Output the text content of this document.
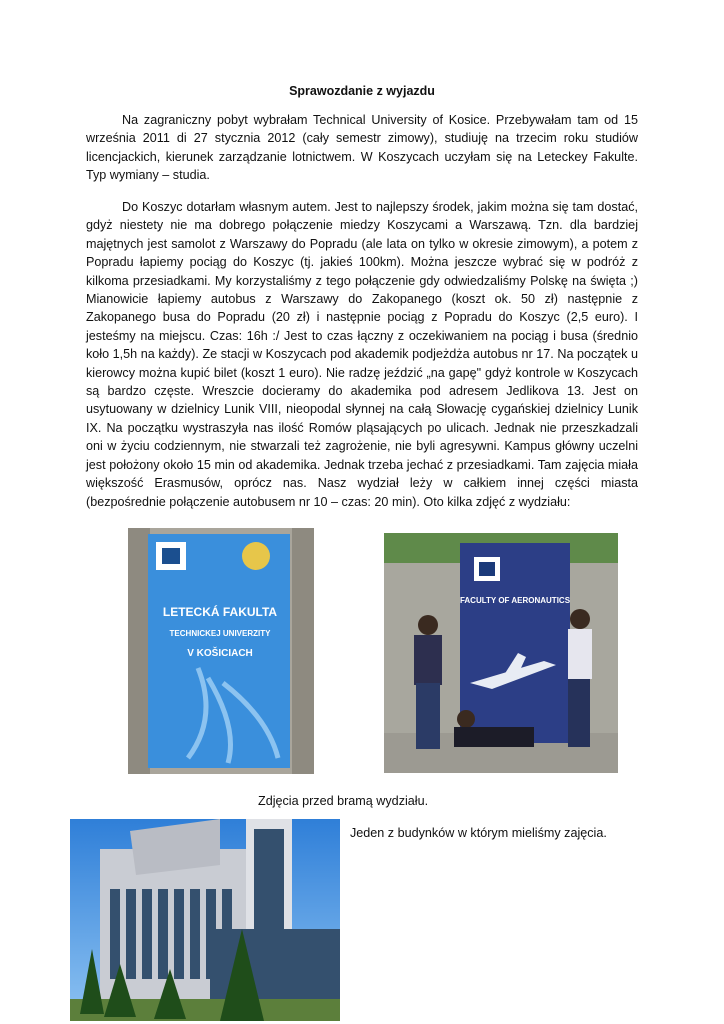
Sprawozdanie z wyjazdu

Na zagraniczny pobyt wybrałam Technical University of Kosice. Przebywałam tam od 15 września 2011 di 27 stycznia 2012 (cały semestr zimowy), studiuję na trzecim roku studiów licencjackich, kierunek zarządzanie lotnictwem. W Koszycach uczyłam się na Leteckey Fakulte. Typ wymiany – studia.

Do Koszyc dotarłam własnym autem. Jest to najlepszy środek, jakim można się tam dostać, gdyż niestety nie ma dobrego połączenie miedzy Koszycami a Warszawą. Tzn. dla bardziej majętnych jest samolot z Warszawy do Popradu (ale lata on tylko w okresie zimowym), a potem z Popradu łapiemy pociąg do Koszyc (tj. jakieś 100km). Można jeszcze wybrać się w podróż z kilkoma przesiadkami. My korzystaliśmy z tego połączenie gdy odwiedzaliśmy Polskę na święta ;) Mianowicie łapiemy autobus z Warszawy do Zakopanego (koszt ok. 50 zł) następnie z Zakopanego busa do Popradu (20 zł) i następnie pociąg z Popradu do Koszyc (2,5 euro). I jesteśmy na miejscu. Czas: 16h :/ Jest to czas łączny z oczekiwaniem na pociąg i busa (średnio koło 1,5h na każdy). Ze stacji w Koszycach pod akademik podjeżdża autobus nr 17. Na początek u kierowcy można kupić bilet (koszt 1 euro). Nie radzę jeździć „na gapę" gdyż kontrole w Koszycach są bardzo częste. Wreszcie docieramy do akademika pod adresem Jedlikova 13. Jest on usytuowany w dzielnicy Lunik VIII, nieopodal słynnej na całą Słowację cygańskiej dzielnicy Lunik IX. Na początku wystraszyła nas ilość Romów pląsających po ulicach. Jednak nie przeszkadzali oni w życiu codziennym, nie stwarzali też zagrożenie, nie byli agresywni. Kampus główny uczelni jest położony około 15 min od akademika. Jednak trzeba jechać z przesiadkami. Tam zajęcia miała większość Erasmusów, oprócz nas. Nasz wydział leży w całkiem innej części miasta (bezpośrednie połączenie autobusem nr 10 – czas: 20 min). Oto kilka zdjęć z wydziału:

LETECKÁ FAKULTA
TECHNICKEJ UNIVERZITY
V KOŠICIACH
FACULTY OF AERONAUTICS
Zdjęcia przed bramą wydziału.
Jeden z budynków w którym mieliśmy zajęcia.
